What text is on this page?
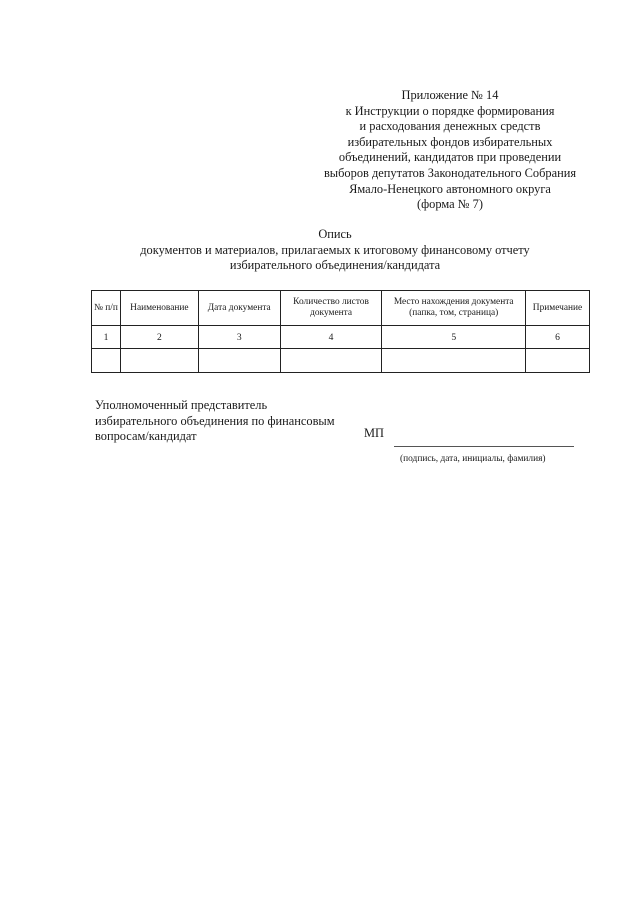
Приложение № 14
к Инструкции о порядке формирования
и расходования денежных средств
избирательных фондов избирательных
объединений, кандидатов при проведении
выборов депутатов Законодательного Собрания
Ямало-Ненецкого автономного округа
(форма № 7)
Опись
документов и материалов, прилагаемых к итоговому финансовому отчету
избирательного объединения/кандидата
№ п/п	Наименование	Дата документа	Количество листов документа	Место нахождения документа (папка, том, страница)	Примечание
1	2	3	4	5	6

Уполномоченный представитель
избирательного объединения по финансовым
вопросам/кандидат	МП
(подпись, дата, инициалы, фамилия)
